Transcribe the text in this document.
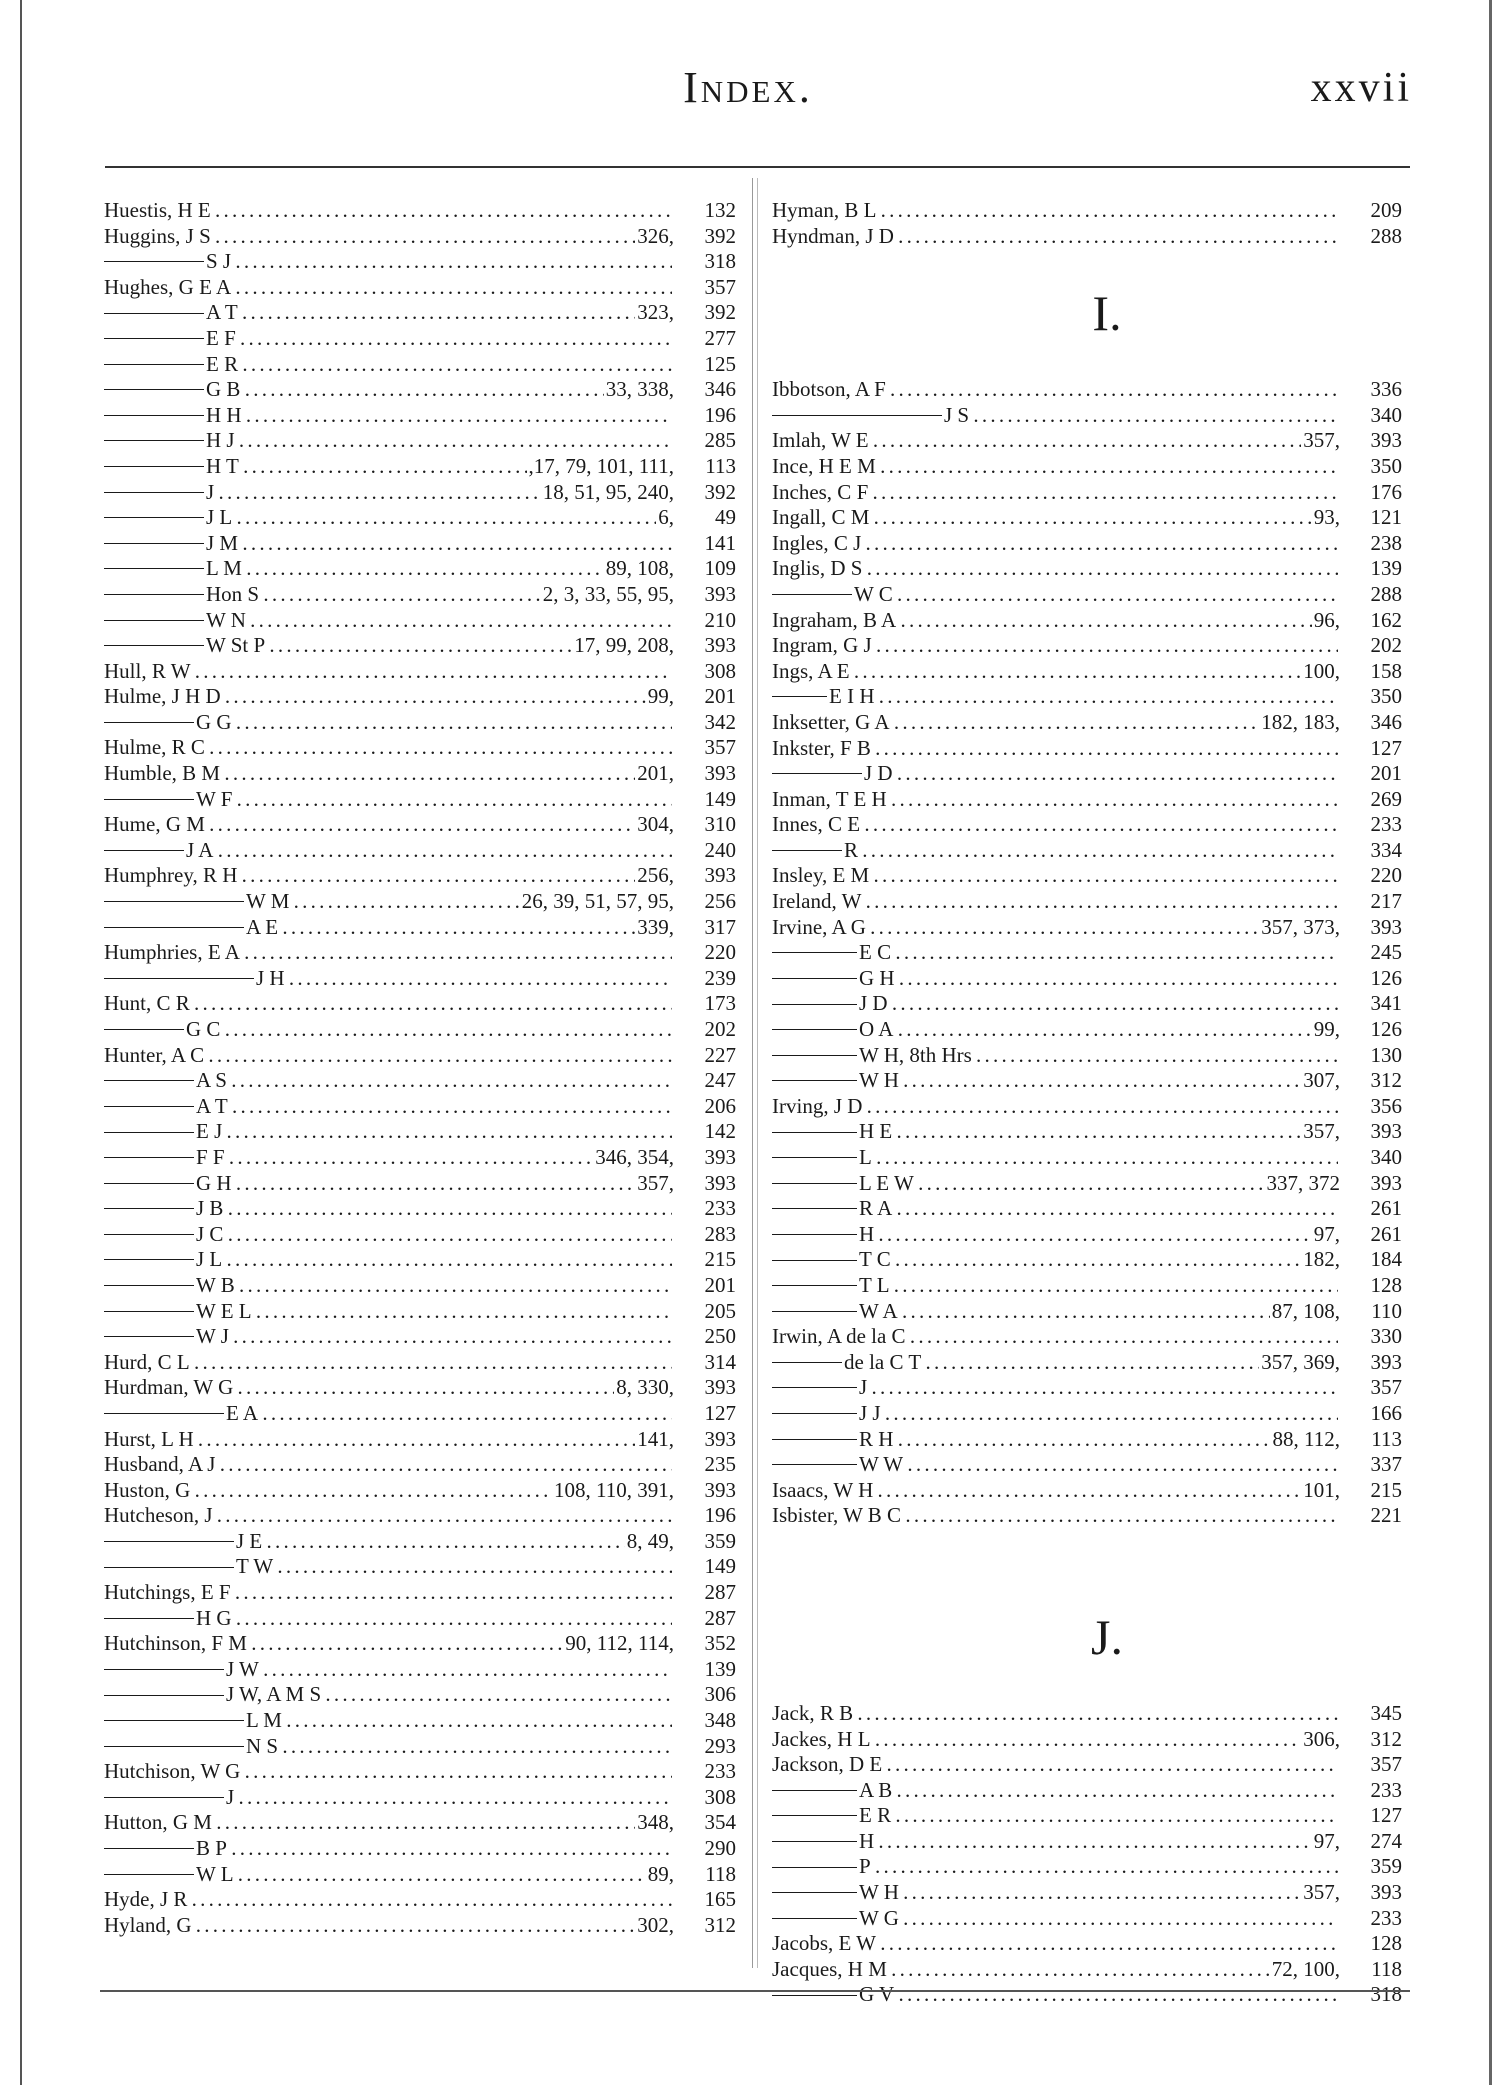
Index.	xxvii
Huestis, H E . . .	132
Huggins, J S . . .	326,	392
S J . . .	318
Hughes, G E A . . .	357
A T . . .	323,	392
E F . . .	277
E R . . .	125
G B . . .	33, 338,	346
H H . . .	196
H J . . .	285
H T . . .	,17, 79, 101, 111,	113
J . . .	18, 51, 95, 240,	392
J L . . .	6,	49
J M . . .	141
L M . . .	89, 108,	109
Hon S . . .	2, 3, 33, 55, 95,	393
W N . . .	210
W St P . . .	17, 99, 208,	393
Hull, R W . . .	308
Hulme, J H D . . .	99,	201
G G . . .	342
Hulme, R C . . .	357
Humble, B M . . .	201,	393
W F . . .	149
Hume, G M . . .	304,	310
J A . . .	240
Humphrey, R H . . .	256,	393
W M . . .	26, 39, 51, 57, 95,	256
A E . . .	339,	317
Humphries, E A . . .	220
J H . . .	239
Hunt, C R . . .	173
G C . . .	202
Hunter, A C . . .	227
A S . . .	247
A T . . .	206
E J . . .	142
F F . . .	346, 354,	393
G H . . .	357,	393
J B . . .	233
J C . . .	283
J L . . .	215
W B . . .	201
W E L . . .	205
W J . . .	250
Hurd, C L . . .	314
Hurdman, W G . . .	8, 330,	393
E A . . .	127
Hurst, L H . . .	141,	393
Husband, A J . . .	235
Huston, G . . .	108, 110, 391,	393
Hutcheson, J . . .	196
J E . . .	8, 49,	359
T W . . .	149
Hutchings, E F . . .	287
H G . . .	287
Hutchinson, F M . . .	90, 112, 114,	352
J W . . .	139
J W, A M S . . .	306
L M . . .	348
N S . . .	293
Hutchison, W G . . .	233
J . . .	308
Hutton, G M . . .	348,	354
B P . . .	290
W L . . .	89,	118
Hyde, J R . . .	165
Hyland, G . . .	302,	312
Hyman, B L . . .	209
Hyndman, J D . . .	288
I.
Ibbotson, A F . . .	336
J S . . .	340
Imlah, W E . . .	357,	393
Ince, H E M . . .	350
Inches, C F . . .	176
Ingall, C M . . .	93,	121
Ingles, C J . . .	238
Inglis, D S . . .	139
W C . . .	288
Ingraham, B A . . .	96,	162
Ingram, G J . . .	202
Ings, A E . . .	100,	158
E I H . . .	350
Inksetter, G A . . .	182, 183,	346
Inkster, F B . . .	127
J D . . .	201
Inman, T E H . . .	269
Innes, C E . . .	233
R . . .	334
Insley, E M . . .	220
Ireland, W . . .	217
Irvine, A G . . .	357, 373,	393
E C . . .	245
G H . . .	126
J D . . .	341
O A . . .	99,	126
W H, 8th Hrs . . .	130
W H . . .	307,	312
Irving, J D . . .	356
H E . . .	357,	393
L . . .	340
L E W . . .	337, 372	393
R A . . .	261
H . . .	97,	261
T C . . .	182,	184
T L . . .	128
W A . . .	87, 108,	110
Irwin, A de la C . . .	330
de la C T . . .	357, 369,	393
J . . .	357
J J . . .	166
R H . . .	88, 112,	113
W W . . .	337
Isaacs, W H . . .	101,	215
Isbister, W B C . . .	221
J.
Jack, R B . . .	345
Jackes, H L . . .	306,	312
Jackson, D E . . .	357
A B . . .	233
E R . . .	127
H . . .	97,	274
P . . .	359
W H . . .	357,	393
W G . . .	233
Jacobs, E W . . .	128
Jacques, H M . . .	72, 100,	118
G V . . .	318
